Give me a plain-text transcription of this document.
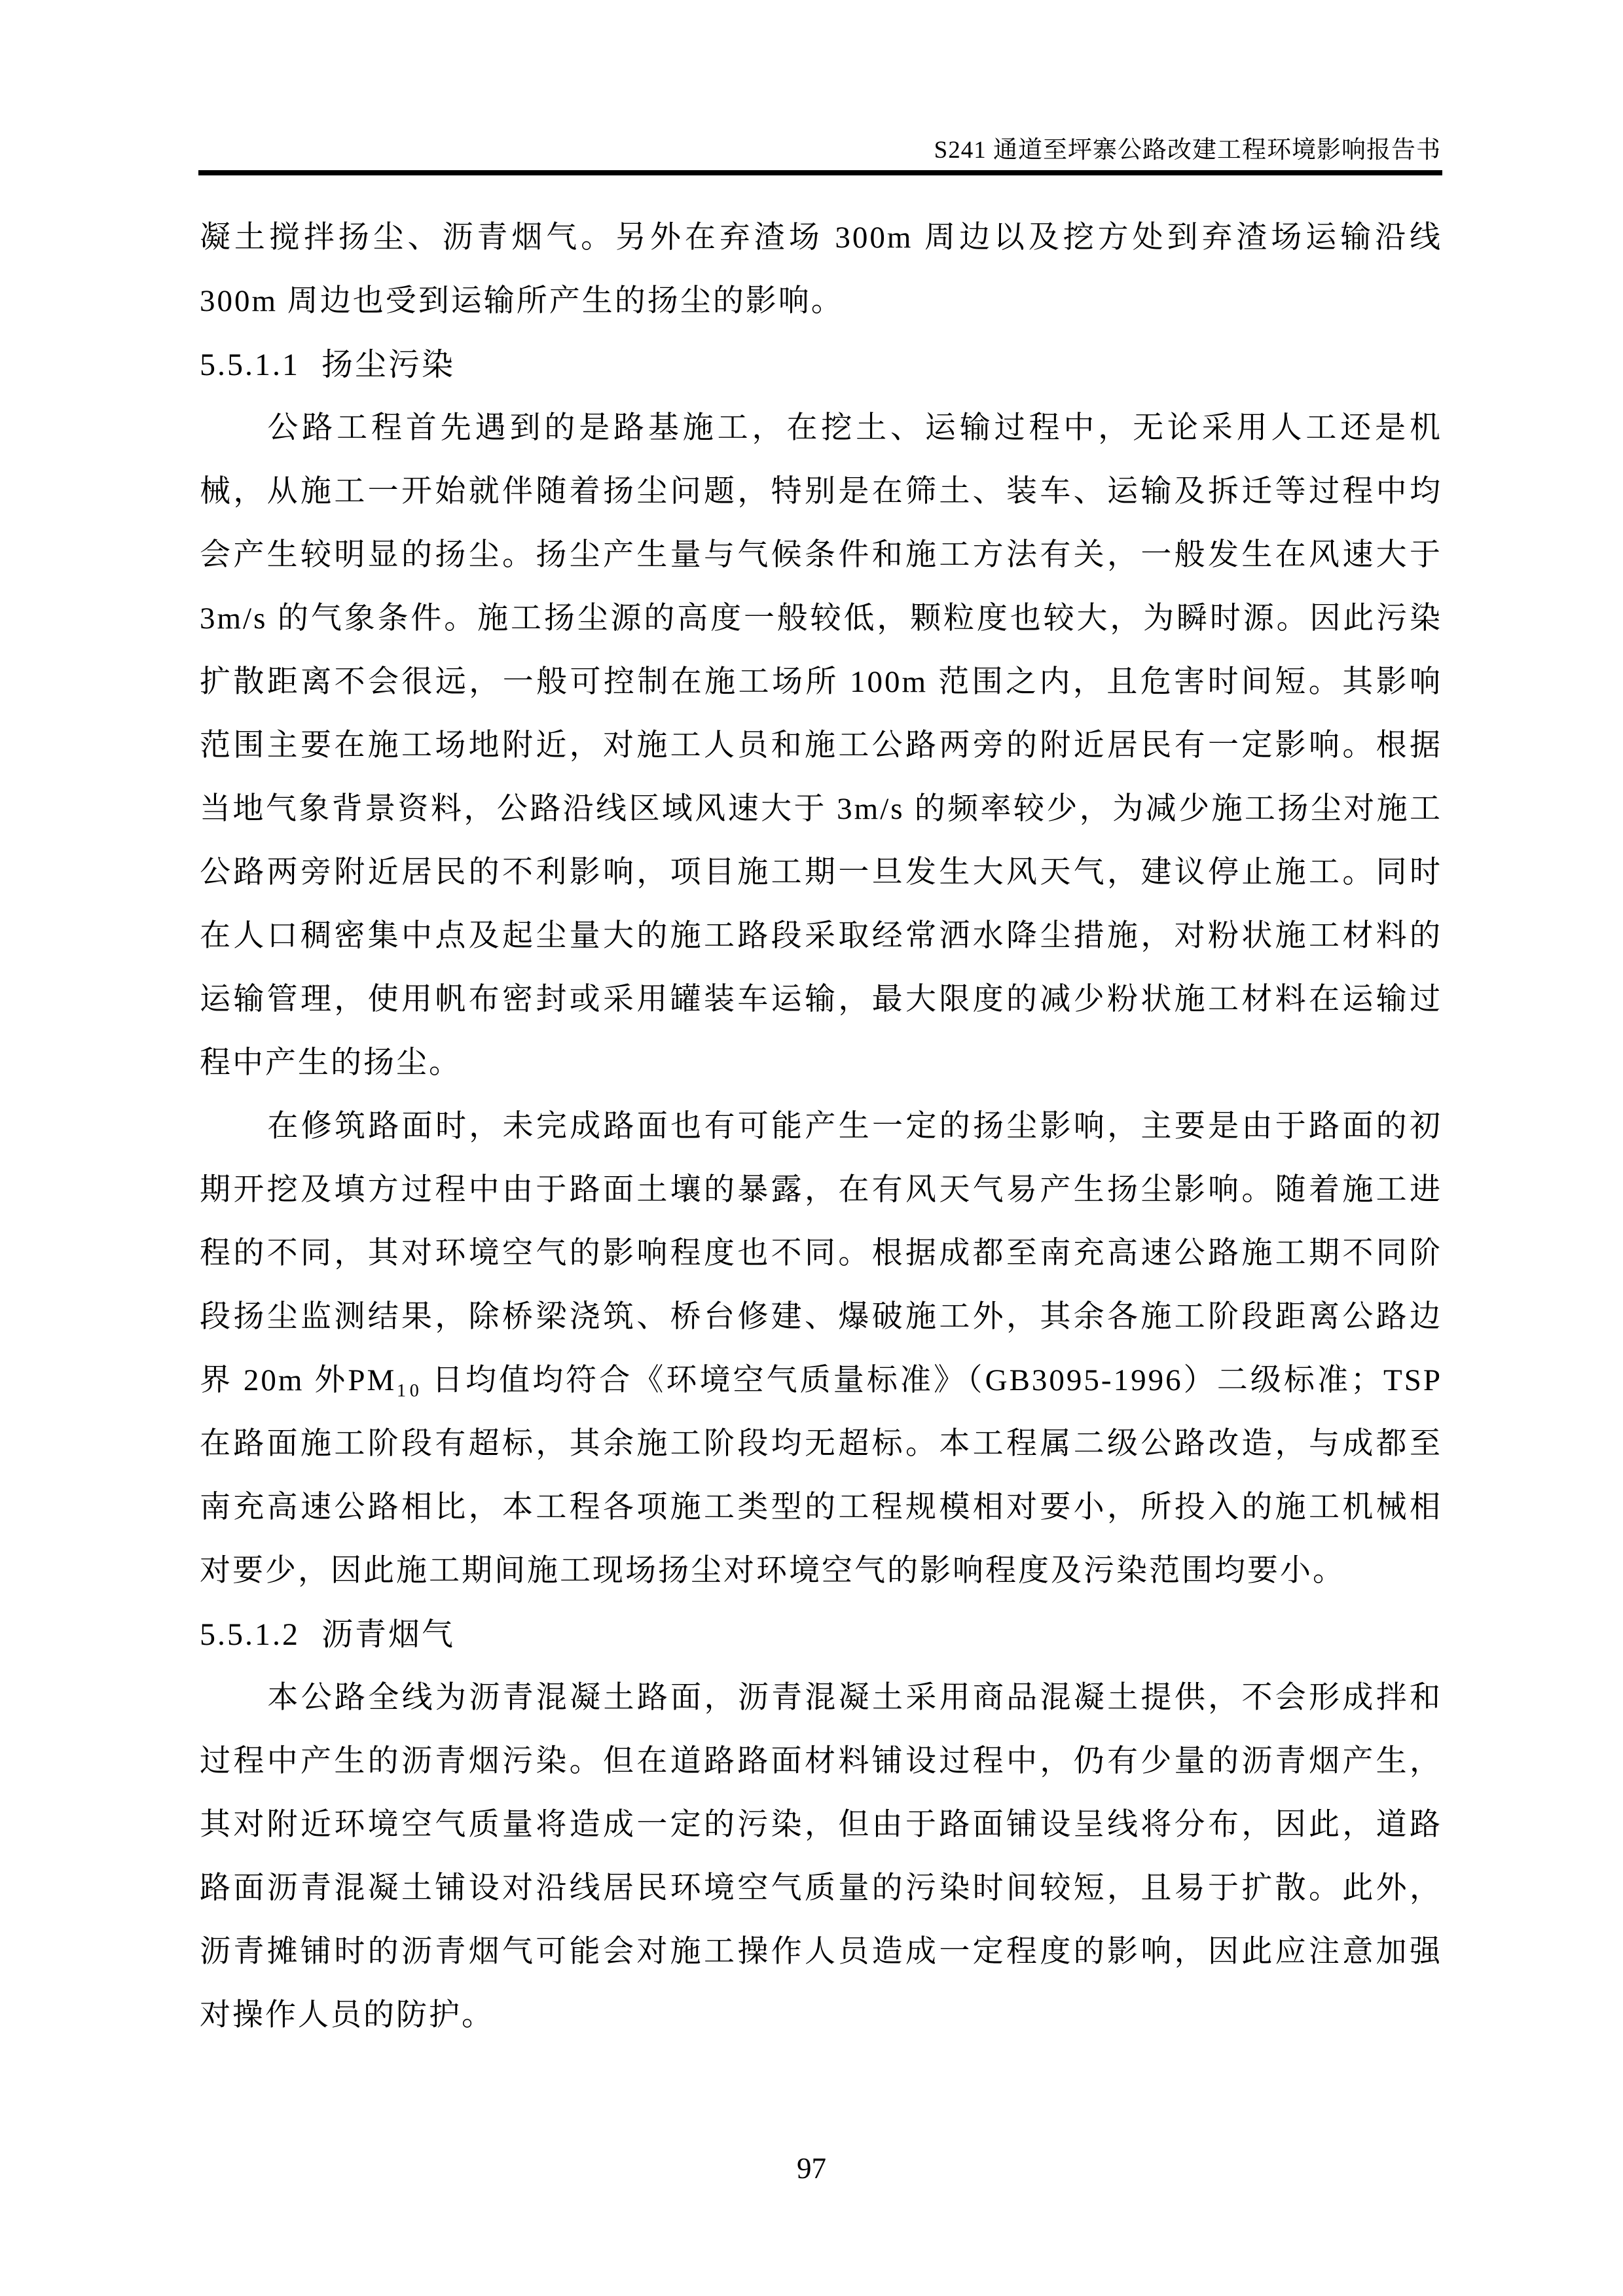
S241 通道至坪寨公路改建工程环境影响报告书

凝土搅拌扬尘、沥青烟气。另外在弃渣场 300m 周边以及挖方处到弃渣场运输沿线 300m 周边也受到运输所产生的扬尘的影响。

5.5.1.1 扬尘污染

公路工程首先遇到的是路基施工，在挖土、运输过程中，无论采用人工还是机械，从施工一开始就伴随着扬尘问题，特别是在筛土、装车、运输及拆迁等过程中均会产生较明显的扬尘。扬尘产生量与气候条件和施工方法有关，一般发生在风速大于 3m/s 的气象条件。施工扬尘源的高度一般较低，颗粒度也较大，为瞬时源。因此污染扩散距离不会很远，一般可控制在施工场所 100m 范围之内，且危害时间短。其影响范围主要在施工场地附近，对施工人员和施工公路两旁的附近居民有一定影响。根据当地气象背景资料，公路沿线区域风速大于 3m/s 的频率较少，为减少施工扬尘对施工公路两旁附近居民的不利影响，项目施工期一旦发生大风天气，建议停止施工。同时在人口稠密集中点及起尘量大的施工路段采取经常洒水降尘措施，对粉状施工材料的运输管理，使用帆布密封或采用罐装车运输，最大限度的减少粉状施工材料在运输过程中产生的扬尘。

在修筑路面时，未完成路面也有可能产生一定的扬尘影响，主要是由于路面的初期开挖及填方过程中由于路面土壤的暴露，在有风天气易产生扬尘影响。随着施工进程的不同，其对环境空气的影响程度也不同。根据成都至南充高速公路施工期不同阶段扬尘监测结果，除桥梁浇筑、桥台修建、爆破施工外，其余各施工阶段距离公路边界 20m 外PM₁₀ 日均值均符合《环境空气质量标准》（GB3095-1996）二级标准；TSP 在路面施工阶段有超标，其余施工阶段均无超标。本工程属二级公路改造，与成都至南充高速公路相比，本工程各项施工类型的工程规模相对要小，所投入的施工机械相对要少，因此施工期间施工现场扬尘对环境空气的影响程度及污染范围均要小。

5.5.1.2 沥青烟气

本公路全线为沥青混凝土路面，沥青混凝土采用商品混凝土提供，不会形成拌和过程中产生的沥青烟污染。但在道路路面材料铺设过程中，仍有少量的沥青烟产生，其对附近环境空气质量将造成一定的污染，但由于路面铺设呈线将分布，因此，道路路面沥青混凝土铺设对沿线居民环境空气质量的污染时间较短，且易于扩散。此外，沥青摊铺时的沥青烟气可能会对施工操作人员造成一定程度的影响，因此应注意加强对操作人员的防护。

97
